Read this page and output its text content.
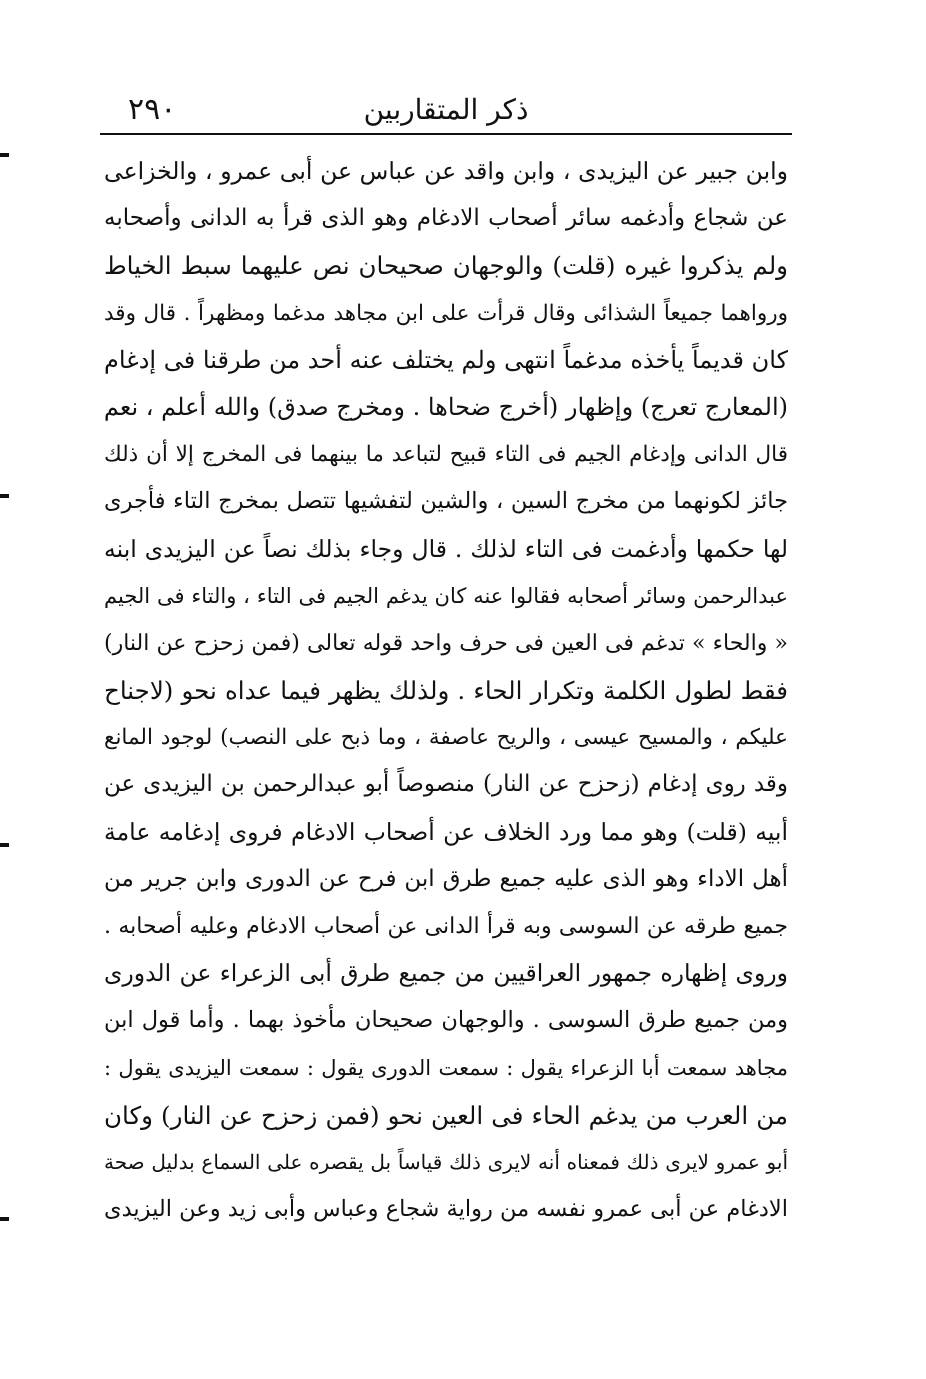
٢٩٠	ذكر المتقاربين
وابن جبير عن اليزيدى ، وابن واقد عن عباس عن أبى عمرو ، والخزاعى
عن شجاع وأدغمه سائر أصحاب الادغام وهو الذى قرأ به الدانى وأصحابه
ولم يذكروا غيره (قلت) والوجهان صحيحان نص عليهما سبط الخياط
ورواهما جميعاً الشذائى وقال قرأت على ابن مجاهد مدغما ومظهراً . قال وقد
كان قديماً يأخذه مدغماً انتهى ولم يختلف عنه أحد من طرقنا فى إدغام
(المعارج تعرج) وإظهار (أخرج ضحاها . ومخرج صدق) والله أعلم ، نعم
قال الدانى وإدغام الجيم فى التاء قبيح لتباعد ما بينهما فى المخرج إلا أن ذلك
جائز لكونهما من مخرج السين ، والشين لتفشيها تتصل بمخرج التاء فأجرى
لها حكمها وأدغمت فى التاء لذلك . قال وجاء بذلك نصاً عن اليزيدى ابنه
عبدالرحمن وسائر أصحابه فقالوا عنه كان يدغم الجيم فى التاء ، والتاء فى الجيم
« والحاء » تدغم فى العين فى حرف واحد قوله تعالى (فمن زحزح عن النار)
فقط لطول الكلمة وتكرار الحاء . ولذلك يظهر فيما عداه نحو (لاجناح
عليكم ، والمسيح عيسى ، والريح عاصفة ، وما ذبح على النصب) لوجود المانع
وقد روى إدغام (زحزح عن النار) منصوصاً أبو عبدالرحمن بن اليزيدى عن
أبيه (قلت) وهو مما ورد الخلاف عن أصحاب الادغام فروى إدغامه عامة
أهل الاداء وهو الذى عليه جميع طرق ابن فرح عن الدورى وابن جرير من
جميع طرقه عن السوسى وبه قرأ الدانى عن أصحاب الادغام وعليه أصحابه .
وروى إظهاره جمهور العراقيين من جميع طرق أبى الزعراء عن الدورى
ومن جميع طرق السوسى . والوجهان صحيحان مأخوذ بهما . وأما قول ابن
مجاهد سمعت أبا الزعراء يقول : سمعت الدورى يقول : سمعت اليزيدى يقول :
من العرب من يدغم الحاء فى العين نحو (فمن زحزح عن النار) وكان
أبو عمرو لايرى ذلك فمعناه أنه لايرى ذلك قياساً بل يقصره على السماع بدليل صحة
الادغام عن أبى عمرو نفسه من رواية شجاع وعباس وأبى زيد وعن اليزيدى
